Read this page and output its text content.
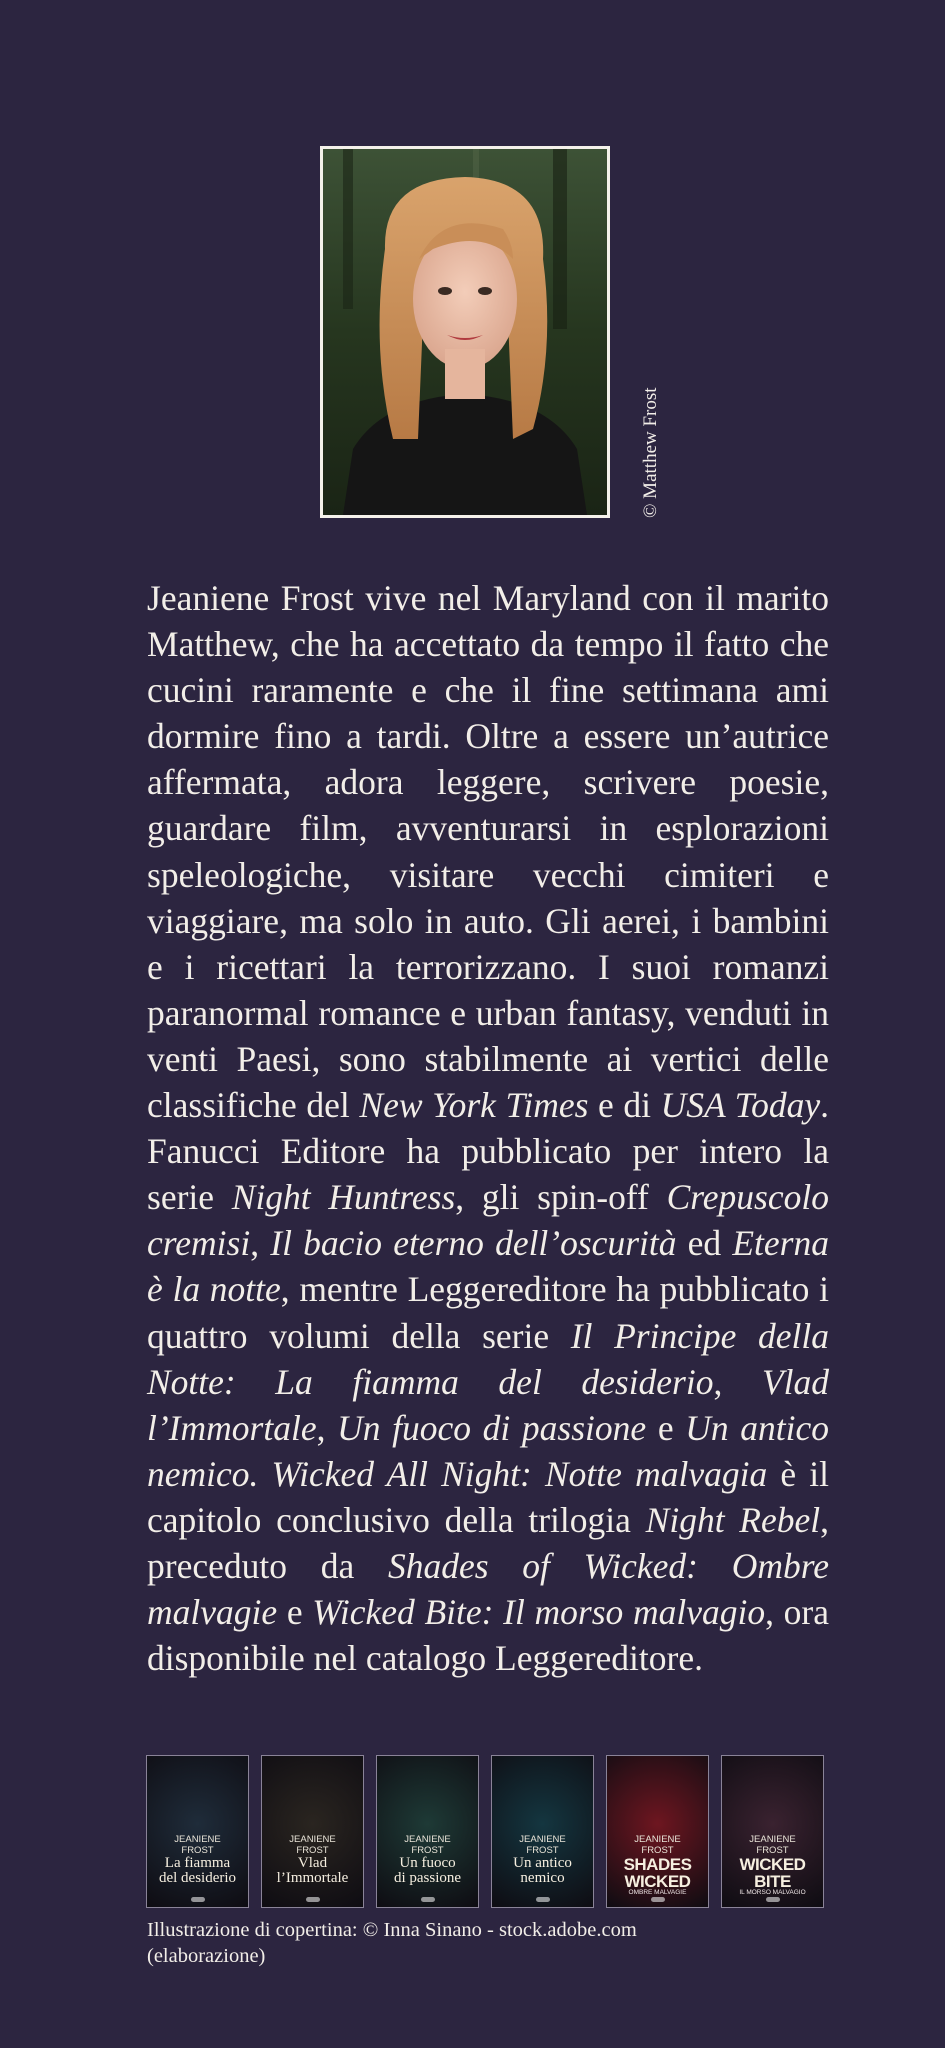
© Matthew Frost

Jeaniene Frost vive nel Maryland con il marito Matthew, che ha accettato da tempo il fatto che cucini raramente e che il fine settimana ami dormire fino a tardi. Oltre a essere un’autrice affermata, adora leggere, scrivere poesie, guardare film, avventurarsi in esplorazioni speleologiche, visitare vecchi cimiteri e viaggiare, ma solo in auto. Gli aerei, i bambini e i ricettari la terrorizzano. I suoi romanzi paranormal romance e urban fantasy, venduti in venti Paesi, sono stabilmente ai vertici delle classifiche del New York Times e di USA Today. Fanucci Editore ha pubblicato per intero la serie Night Huntress, gli spin-off Crepuscolo cremisi, Il bacio eterno dell’oscurità ed Eterna è la notte, mentre Leggereditore ha pubblicato i quattro volumi della serie Il Principe della Notte: La fiamma del desiderio, Vlad l’Immortale, Un fuoco di passione e Un antico nemico. Wicked All Night: Notte malvagia è il capitolo conclusivo della trilogia Night Rebel, preceduto da Shades of Wicked: Ombre malvagie e Wicked Bite: Il morso malvagio, ora disponibile nel catalogo Leggereditore.

JEANIENE
FROST
La fiamma
del desiderio
JEANIENE
FROST
Vlad
l’Immortale
JEANIENE
FROST
Un fuoco
di passione
JEANIENE
FROST
Un antico
nemico
JEANIENE
FROST
SHADES
WICKED
OMBRE MALVAGIE
JEANIENE
FROST
WICKED
BITE
IL MORSO MALVAGIO

Illustrazione di copertina: © Inna Sinano - stock.adobe.com
(elaborazione)
